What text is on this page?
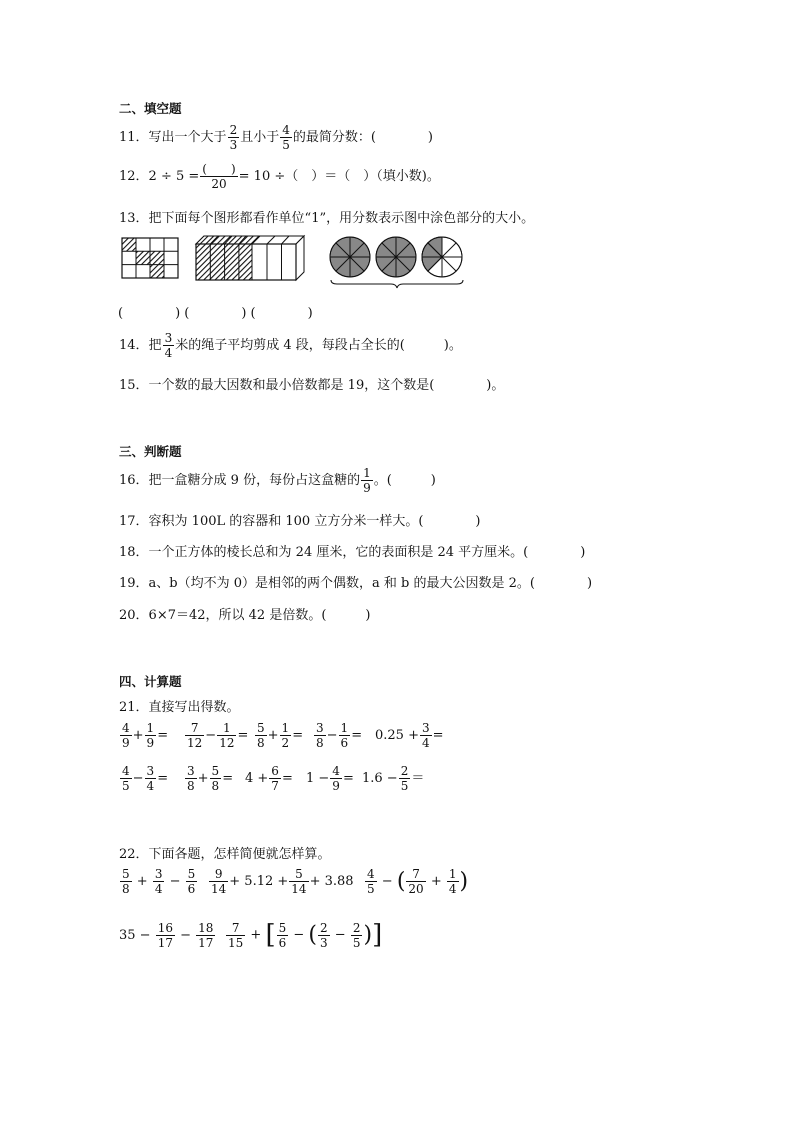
二、填空题
11．写出一个大于 $\frac{2}{3}$ 且小于 $\frac{4}{5}$ 的最简分数：(　　　　)
12．$2 \div 5 = \frac{( )}{20} = 10$ ÷（　）＝（　）（填小数)。
13．把下面每个图形都看作单位“1”，用分数表示图中涂色部分的大小。
(　　　　) (　　　　) (　　　　)
14．把 $\frac{3}{4}$ 米的绳子平均剪成 4 段，每段占全长的(　　　)。
15．一个数的最大因数和最小倍数都是 19，这个数是(　　　　)。
三、判断题
16．把一盒糖分成 9 份，每份占这盒糖的 $\frac{1}{9}$ 。(　　　)
17．容积为 100L 的容器和 100 立方分米一样大。(　　　　)
18．一个正方体的棱长总和为 24 厘米，它的表面积是 24 平方厘米。(　　　　)
19．a、b（均不为 0）是相邻的两个偶数，a 和 b 的最大公因数是 2。(　　　　)
20．6×7＝42，所以 42 是倍数。(　　　)
四、计算题
21．直接写出得数。
$\frac{4}{9} + \frac{1}{9} = \frac{7}{12} - \frac{1}{12} = \frac{5}{8} + \frac{1}{2} = \frac{3}{8} - \frac{1}{6} = 0.25 + \frac{3}{4}$ =
$\frac{4}{5} - \frac{3}{4} = \frac{3}{8} + \frac{5}{8} = 4 + \frac{6}{7} = 1 - \frac{4}{9} = 1.6 - \frac{2}{5}$ ＝
22．下面各题，怎样简便就怎样算。
$\frac{5}{8} + \frac{3}{4} - \frac{5}{6} \frac{9}{14} + 5.12 + \frac{5}{14} + 3.88 \frac{4}{5}$ − ( $\frac{7}{20} + \frac{1}{4}$ )
$35 - \frac{16}{17} - \frac{18}{17} \frac{7}{15}$ + [ $\frac{5}{6}$ − ( $\frac{2}{3} - \frac{2}{5}$ )]
